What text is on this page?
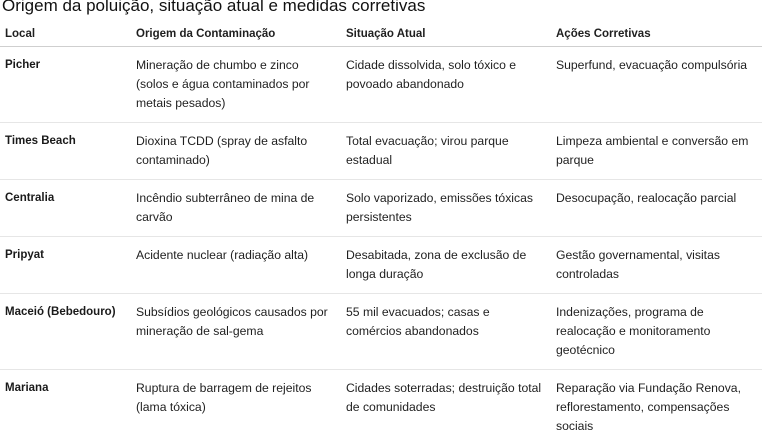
Origem da poluição, situação atual e medidas corretivas
Local	Origem da Contaminação	Situação Atual	Ações Corretivas
Picher	Mineração de chumbo e zinco (solos e água contaminados por metais pesados)	Cidade dissolvida, solo tóxico e povoado abandonado	Superfund, evacuação compulsória
Times Beach	Dioxina TCDD (spray de asfalto contaminado)	Total evacuação; virou parque estadual	Limpeza ambiental e conversão em parque
Centralia	Incêndio subterrâneo de mina de carvão	Solo vaporizado, emissões tóxicas persistentes	Desocupação, realocação parcial
Pripyat	Acidente nuclear (radiação alta)	Desabitada, zona de exclusão de longa duração	Gestão governamental, visitas controladas
Maceió (Bebedouro)	Subsídios geológicos causados por mineração de sal-gema	55 mil evacuados; casas e comércios abandonados	Indenizações, programa de realocação e monitoramento geotécnico
Mariana	Ruptura de barragem de rejeitos (lama tóxica)	Cidades soterradas; destruição total de comunidades	Reparação via Fundação Renova, reflorestamento, compensações sociais
